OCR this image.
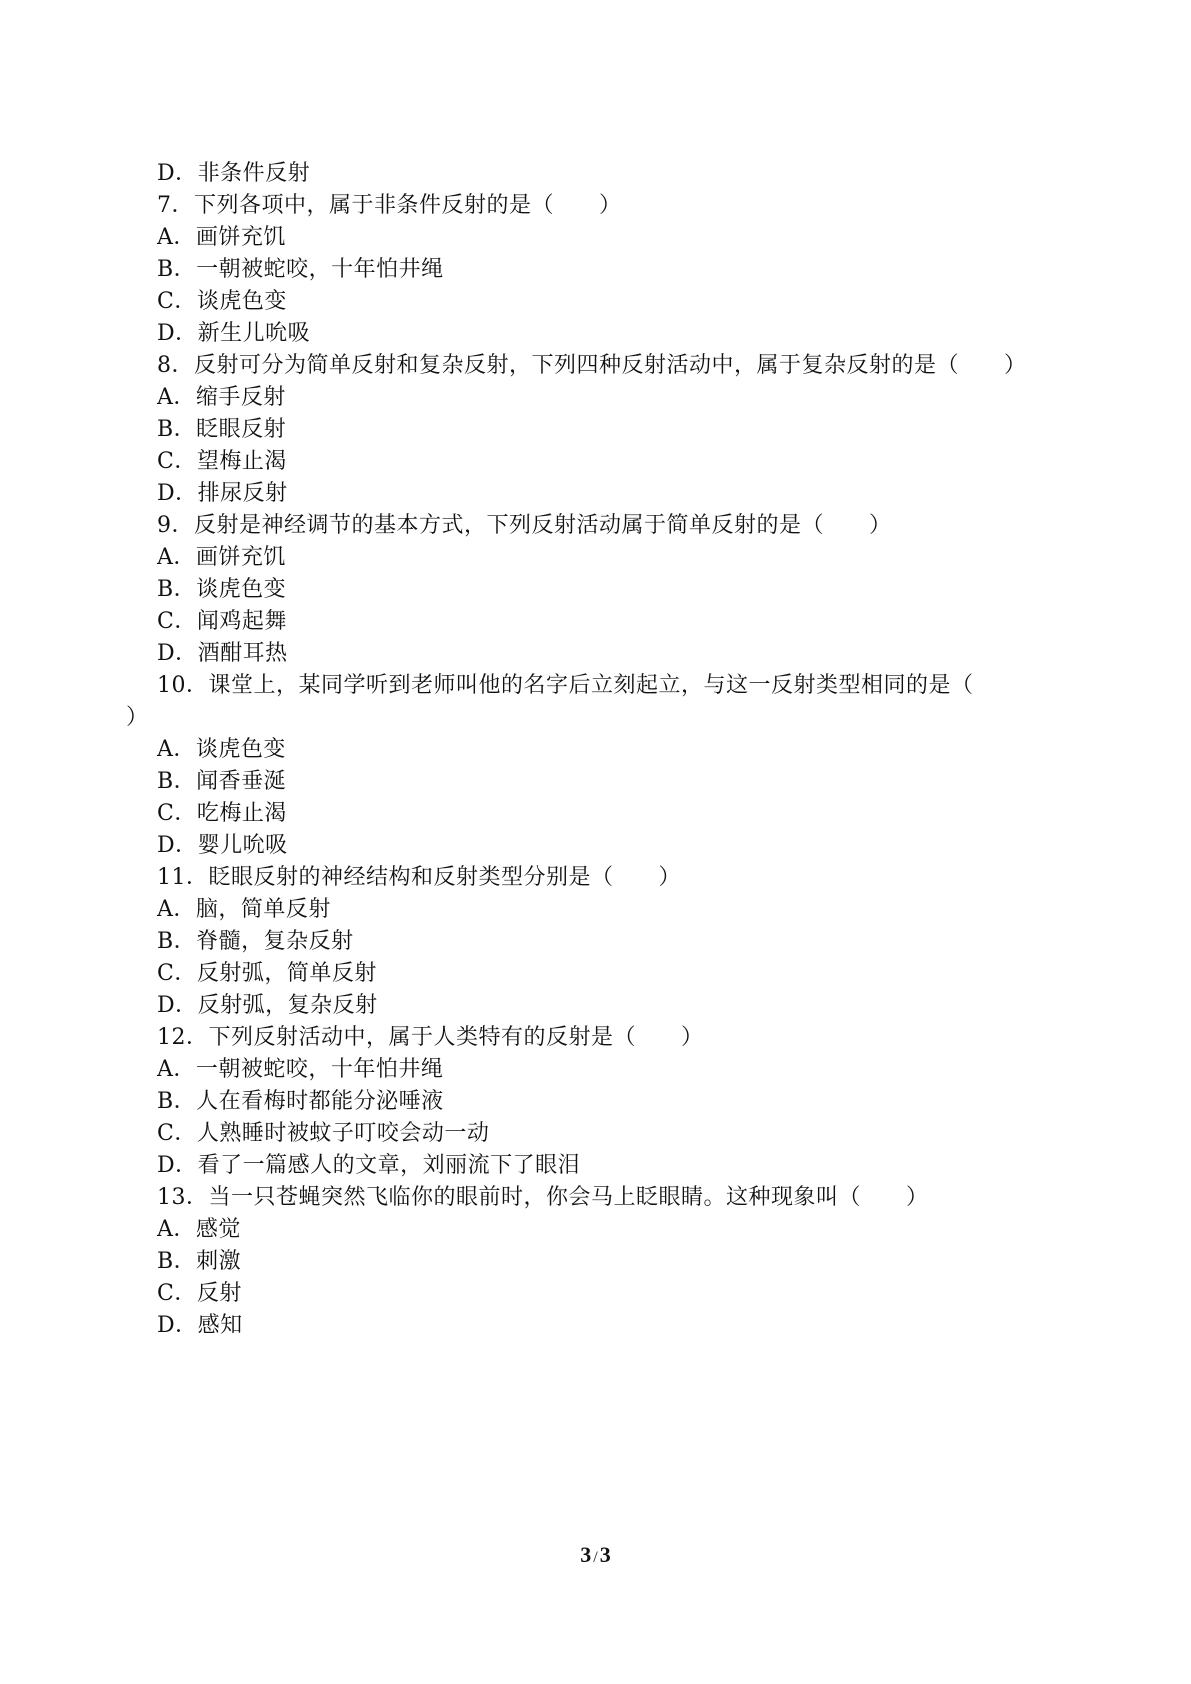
D．非条件反射
7．下列各项中，属于非条件反射的是（　　）
A．画饼充饥
B．一朝被蛇咬，十年怕井绳
C．谈虎色变
D．新生儿吮吸
8．反射可分为简单反射和复杂反射，下列四种反射活动中，属于复杂反射的是（　　）
A．缩手反射
B．眨眼反射
C．望梅止渴
D．排尿反射
9．反射是神经调节的基本方式，下列反射活动属于简单反射的是（　　）
A．画饼充饥
B．谈虎色变
C．闻鸡起舞
D．酒酣耳热
10．课堂上，某同学听到老师叫他的名字后立刻起立，与这一反射类型相同的是（
）
A．谈虎色变
B．闻香垂涎
C．吃梅止渴
D．婴儿吮吸
11．眨眼反射的神经结构和反射类型分别是（　　）
A．脑，简单反射
B．脊髓，复杂反射
C．反射弧，简单反射
D．反射弧，复杂反射
12．下列反射活动中，属于人类特有的反射是（　　）
A．一朝被蛇咬，十年怕井绳
B．人在看梅时都能分泌唾液
C．人熟睡时被蚊子叮咬会动一动
D．看了一篇感人的文章，刘丽流下了眼泪
13．当一只苍蝇突然飞临你的眼前时，你会马上眨眼睛。这种现象叫（　　）
A．感觉
B．刺激
C．反射
D．感知
3 /3
